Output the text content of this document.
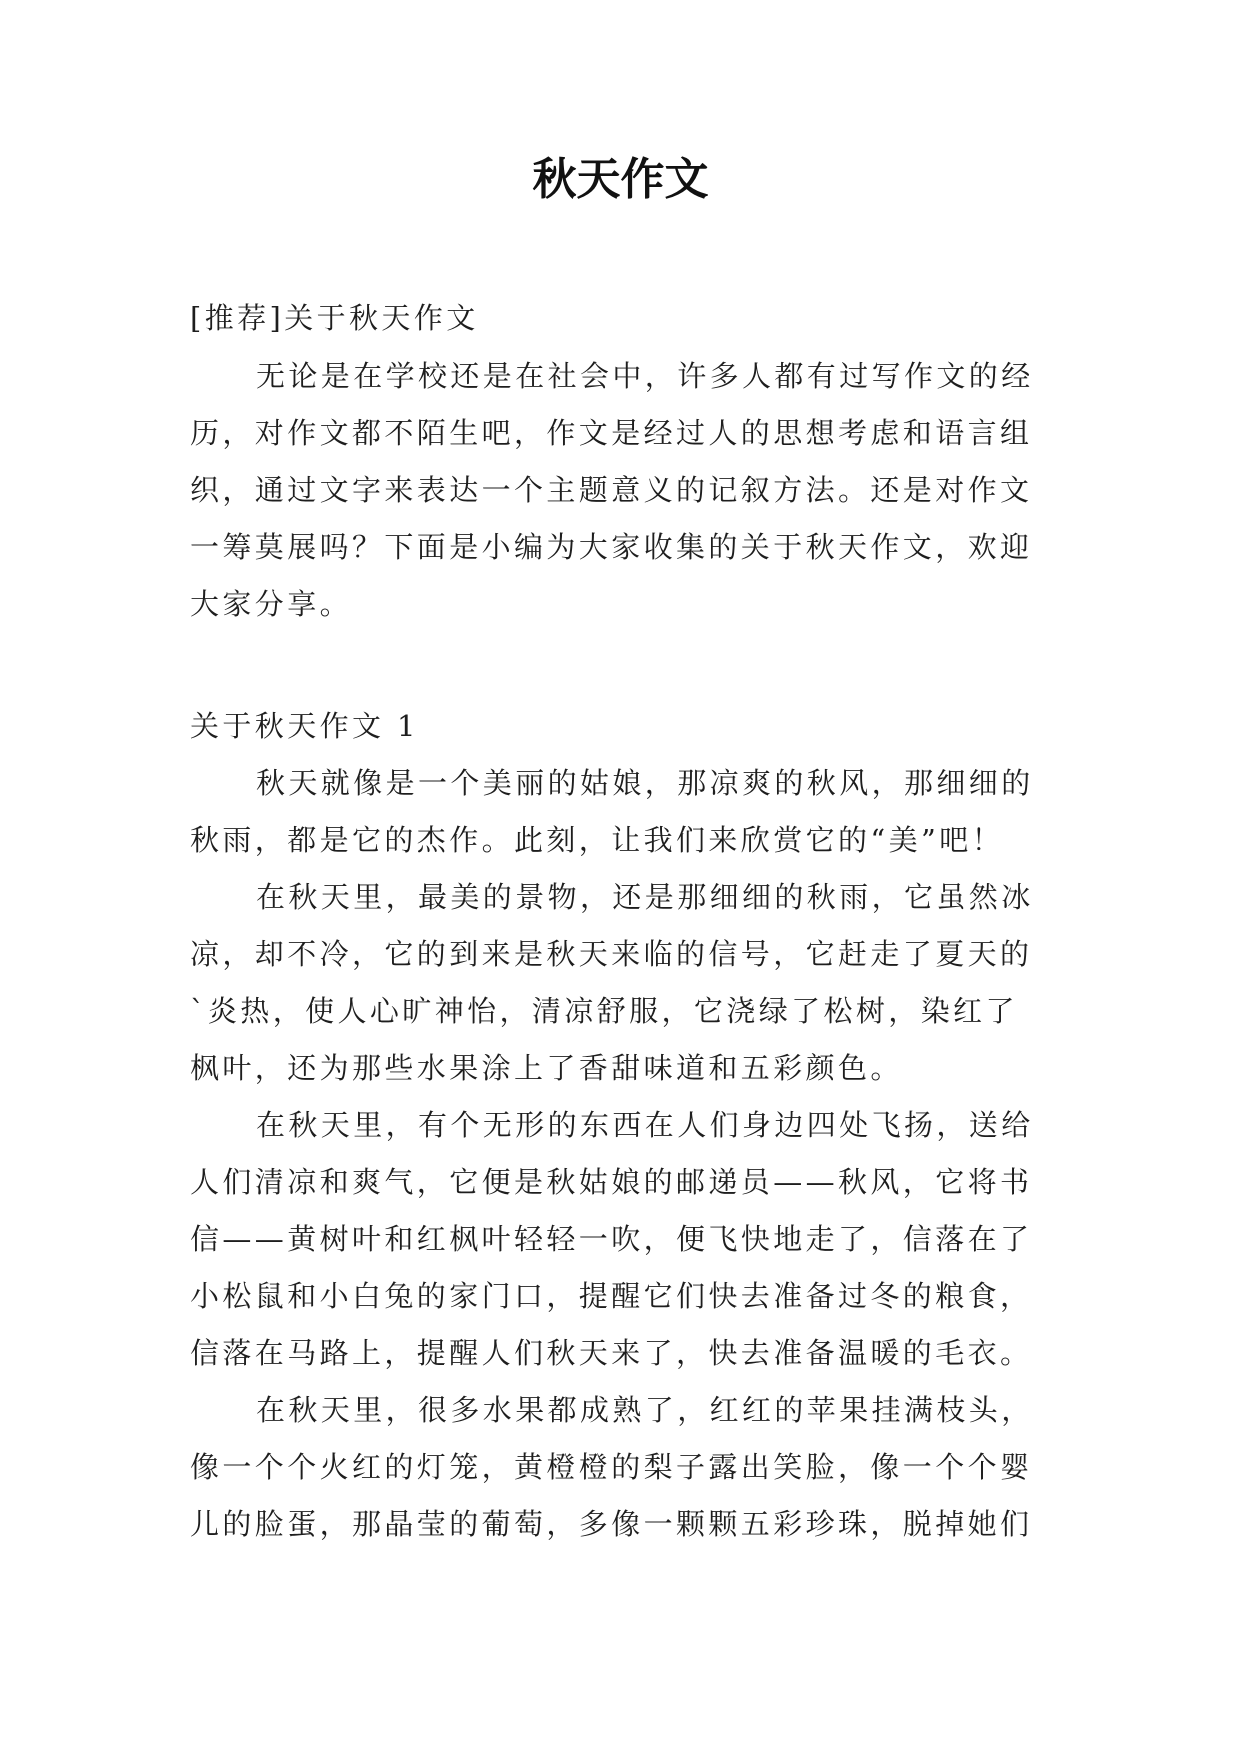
秋天作文
[推荐]关于秋天作文
无论是在学校还是在社会中，许多人都有过写作文的经
历，对作文都不陌生吧，作文是经过人的思想考虑和语言组
织，通过文字来表达一个主题意义的记叙方法。还是对作文
一筹莫展吗？下面是小编为大家收集的关于秋天作文，欢迎
大家分享。
关于秋天作文 1
秋天就像是一个美丽的姑娘，那凉爽的秋风，那细细的
秋雨，都是它的杰作。此刻，让我们来欣赏它的“美”吧！
在秋天里，最美的景物，还是那细细的秋雨，它虽然冰
凉，却不冷，它的到来是秋天来临的信号，它赶走了夏天的
`炎热，使人心旷神怡，清凉舒服，它浇绿了松树，染红了
枫叶，还为那些水果涂上了香甜味道和五彩颜色。
在秋天里，有个无形的东西在人们身边四处飞扬，送给
人们清凉和爽气，它便是秋姑娘的邮递员——秋风，它将书
信——黄树叶和红枫叶轻轻一吹，便飞快地走了，信落在了
小松鼠和小白兔的家门口，提醒它们快去准备过冬的粮食，
信落在马路上，提醒人们秋天来了，快去准备温暖的毛衣。
在秋天里，很多水果都成熟了，红红的苹果挂满枝头，
像一个个火红的灯笼，黄橙橙的梨子露出笑脸，像一个个婴
儿的脸蛋，那晶莹的葡萄，多像一颗颗五彩珍珠，脱掉她们
